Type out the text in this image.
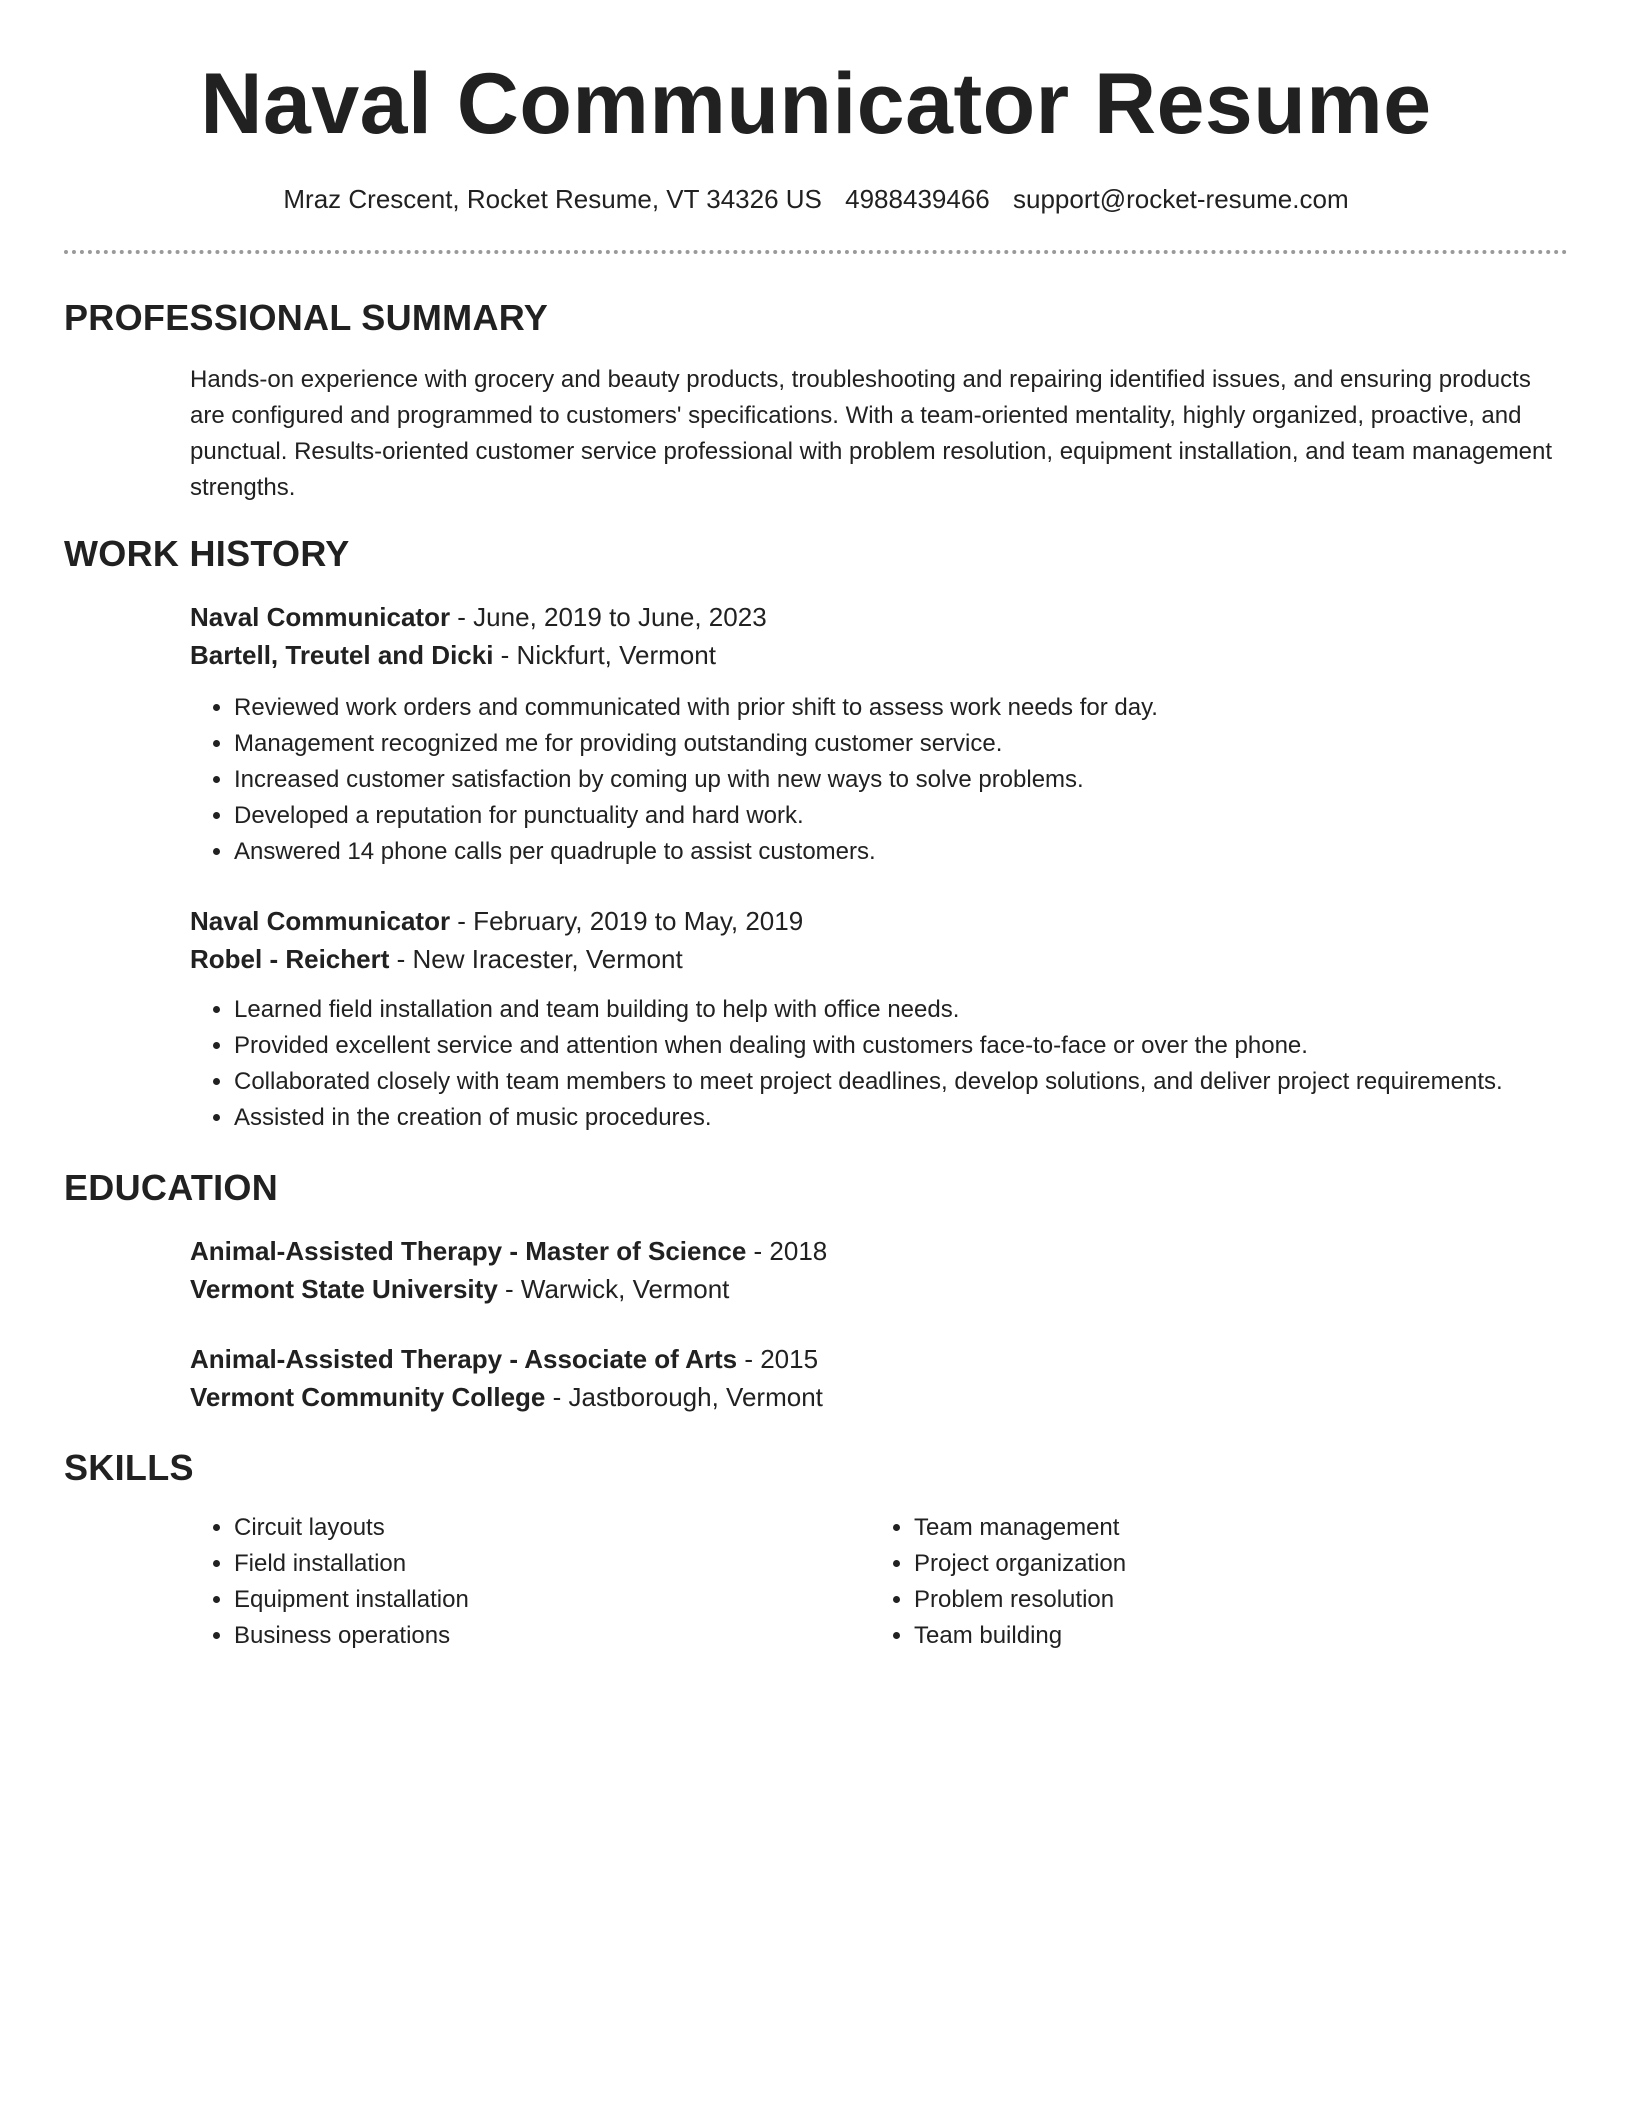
Naval Communicator Resume
Mraz Crescent, Rocket Resume, VT 34326 US 4988439466 support@rocket-resume.com
PROFESSIONAL SUMMARY

Hands-on experience with grocery and beauty products, troubleshooting and repairing identified issues, and ensuring products are configured and programmed to customers' specifications. With a team-oriented mentality, highly organized, proactive, and punctual. Results-oriented customer service professional with problem resolution, equipment installation, and team management strengths.

WORK HISTORY

Naval Communicator - June, 2019 to June, 2023

Bartell, Treutel and Dicki - Nickfurt, Vermont

• Reviewed work orders and communicated with prior shift to assess work needs for day.
• Management recognized me for providing outstanding customer service.
• Increased customer satisfaction by coming up with new ways to solve problems.
• Developed a reputation for punctuality and hard work.
• Answered 14 phone calls per quadruple to assist customers.

Naval Communicator - February, 2019 to May, 2019

Robel - Reichert - New Iracester, Vermont

• Learned field installation and team building to help with office needs.
• Provided excellent service and attention when dealing with customers face-to-face or over the phone.
• Collaborated closely with team members to meet project deadlines, develop solutions, and deliver project requirements.
• Assisted in the creation of music procedures.
EDUCATION

Animal-Assisted Therapy - Master of Science - 2018

Vermont State University - Warwick, Vermont

Animal-Assisted Therapy - Associate of Arts - 2015

Vermont Community College - Jastborough, Vermont

SKILLS
• Circuit layouts
• Field installation
• Equipment installation
• Business operations
• Team management
• Project organization
• Problem resolution
• Team building
